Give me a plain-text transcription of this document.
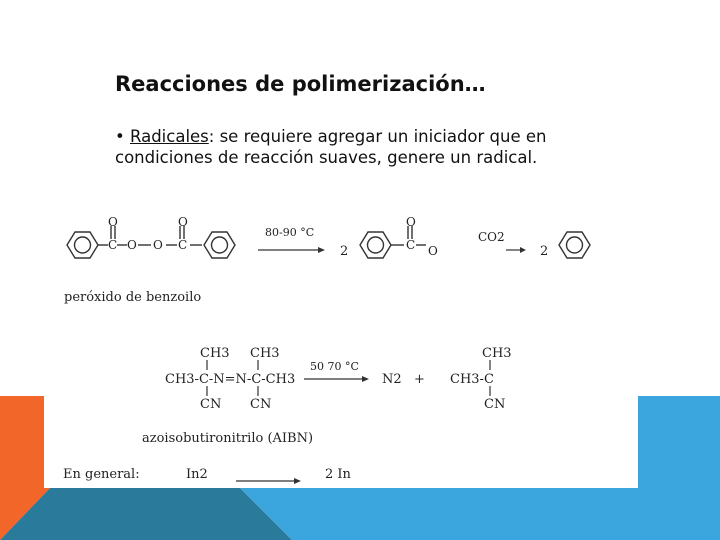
Reacciones de polimerización…
• Radicales: se requiere agregar un iniciador que en condiciones de reacción suaves, genere un radical.
O
C O O
O
C
80-90 °C
2
O
C O
CO2
2
peróxido de benzoilo
CH3 CH3
CH3-C-N=N-C-CH3
CN CN
50 70 °C
N2 +
CH3
CH3-C
CN
azoisobutironitrilo (AIBN)
En general:	In2	2 In
